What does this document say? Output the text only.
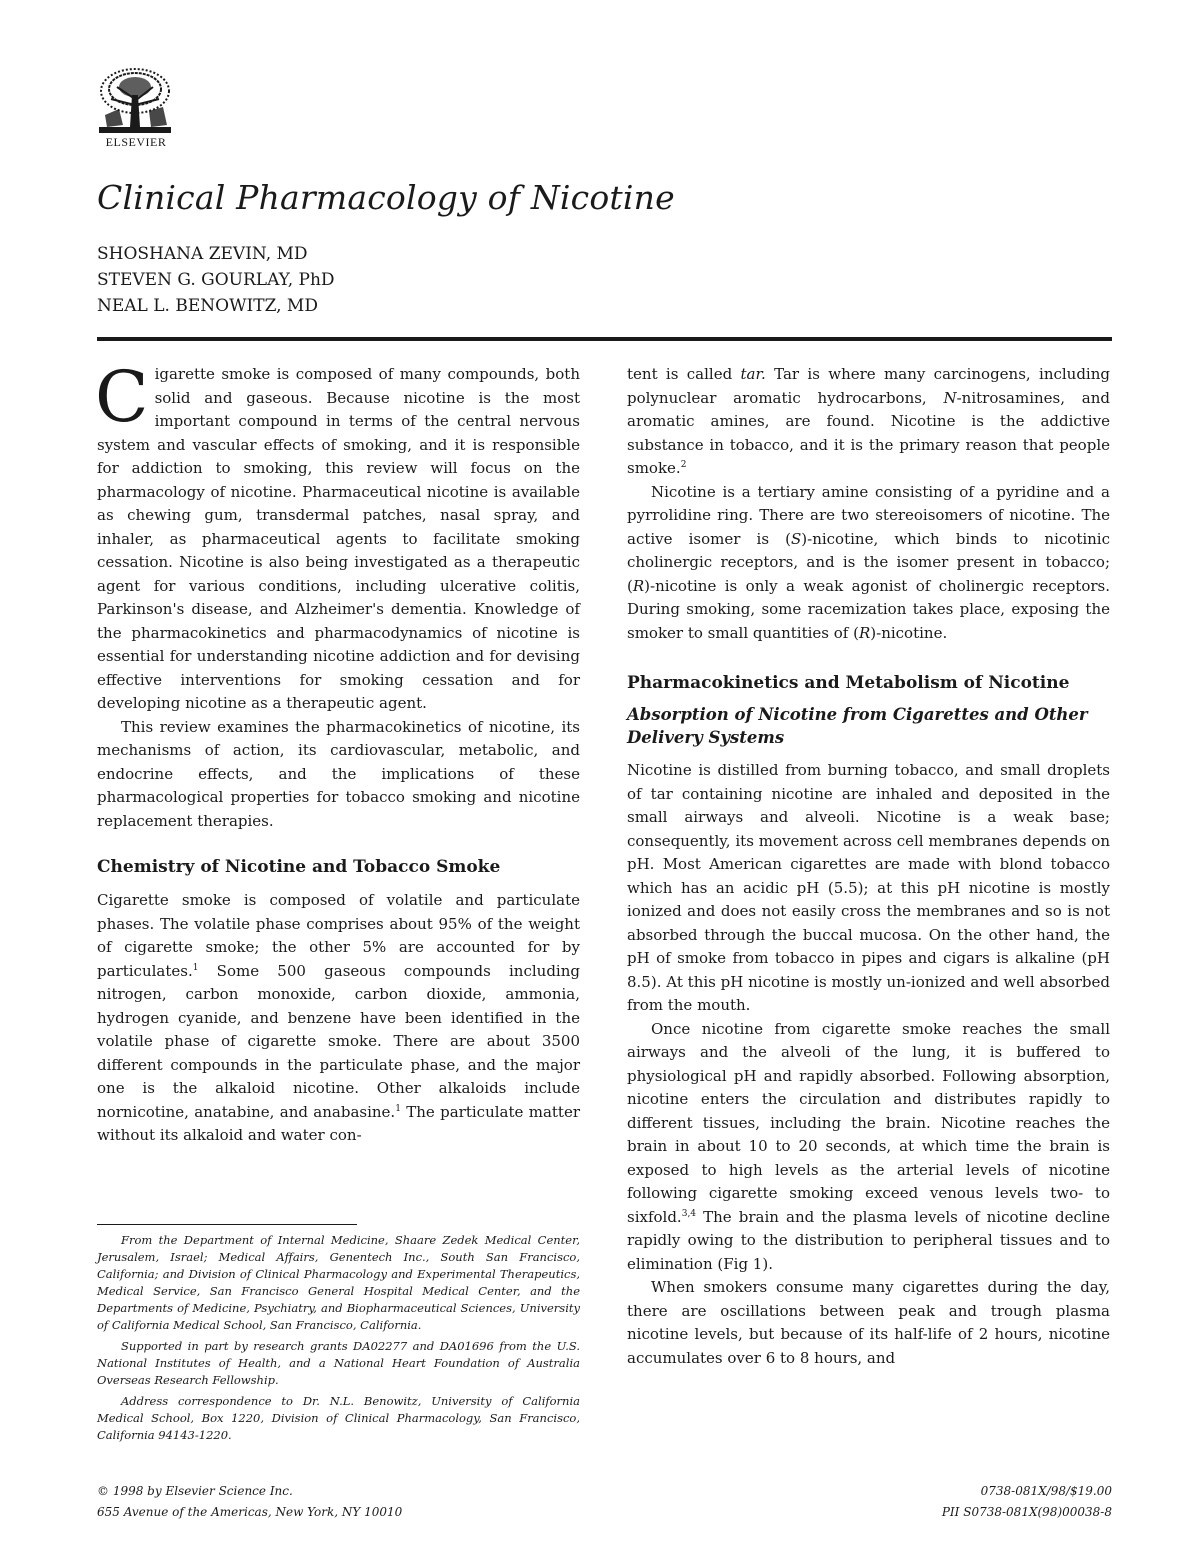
ELSEVIER
Clinical Pharmacology of Nicotine
SHOSHANA ZEVIN, MD
STEVEN G. GOURLAY, PhD
NEAL L. BENOWITZ, MD

Cigarette smoke is composed of many compounds, both solid and gaseous. Because nicotine is the most important compound in terms of the central nervous system and vascular effects of smoking, and it is responsible for addiction to smoking, this review will focus on the pharmacology of nicotine. Pharmaceutical nicotine is available as chewing gum, transdermal patches, nasal spray, and inhaler, as pharmaceutical agents to facilitate smoking cessation. Nicotine is also being investigated as a therapeutic agent for various conditions, including ulcerative colitis, Parkinson's disease, and Alzheimer's dementia. Knowledge of the pharmacokinetics and pharmacodynamics of nicotine is essential for understanding nicotine addiction and for devising effective interventions for smoking cessation and for developing nicotine as a therapeutic agent.

This review examines the pharmacokinetics of nicotine, its mechanisms of action, its cardiovascular, metabolic, and endocrine effects, and the implications of these pharmacological properties for tobacco smoking and nicotine replacement therapies.

Chemistry of Nicotine and Tobacco Smoke

Cigarette smoke is composed of volatile and particulate phases. The volatile phase comprises about 95% of the weight of cigarette smoke; the other 5% are accounted for by particulates.$^1$ Some 500 gaseous compounds including nitrogen, carbon monoxide, carbon dioxide, ammonia, hydrogen cyanide, and benzene have been identified in the volatile phase of cigarette smoke. There are about 3500 different compounds in the particulate phase, and the major one is the alkaloid nicotine. Other alkaloids include nornicotine, anatabine, and anabasine.$^1$ The particulate matter without its alkaloid and water con-

tent is called tar. Tar is where many carcinogens, including polynuclear aromatic hydrocarbons, N-nitrosamines, and aromatic amines, are found. Nicotine is the addictive substance in tobacco, and it is the primary reason that people smoke.$^2$

Nicotine is a tertiary amine consisting of a pyridine and a pyrrolidine ring. There are two stereoisomers of nicotine. The active isomer is (S)-nicotine, which binds to nicotinic cholinergic receptors, and is the isomer present in tobacco; (R)-nicotine is only a weak agonist of cholinergic receptors. During smoking, some racemization takes place, exposing the smoker to small quantities of (R)-nicotine.

Pharmacokinetics and Metabolism of Nicotine
Absorption of Nicotine from Cigarettes and Other Delivery Systems

Nicotine is distilled from burning tobacco, and small droplets of tar containing nicotine are inhaled and deposited in the small airways and alveoli. Nicotine is a weak base; consequently, its movement across cell membranes depends on pH. Most American cigarettes are made with blond tobacco which has an acidic pH (5.5); at this pH nicotine is mostly ionized and does not easily cross the membranes and so is not absorbed through the buccal mucosa. On the other hand, the pH of smoke from tobacco in pipes and cigars is alkaline (pH 8.5). At this pH nicotine is mostly un-ionized and well absorbed from the mouth.

Once nicotine from cigarette smoke reaches the small airways and the alveoli of the lung, it is buffered to physiological pH and rapidly absorbed. Following absorption, nicotine enters the circulation and distributes rapidly to different tissues, including the brain. Nicotine reaches the brain in about 10 to 20 seconds, at which time the brain is exposed to high levels as the arterial levels of nicotine following cigarette smoking exceed venous levels two- to sixfold.$^{3,4}$ The brain and the plasma levels of nicotine decline rapidly owing to the distribution to peripheral tissues and to elimination (Fig 1).

When smokers consume many cigarettes during the day, there are oscillations between peak and trough plasma nicotine levels, but because of its half-life of 2 hours, nicotine accumulates over 6 to 8 hours, and

From the Department of Internal Medicine, Shaare Zedek Medical Center, Jerusalem, Israel; Medical Affairs, Genentech Inc., South San Francisco, California; and Division of Clinical Pharmacology and Experimental Therapeutics, Medical Service, San Francisco General Hospital Medical Center, and the Departments of Medicine, Psychiatry, and Biopharmaceutical Sciences, University of California Medical School, San Francisco, California.

Supported in part by research grants DA02277 and DA01696 from the U.S. National Institutes of Health, and a National Heart Foundation of Australia Overseas Research Fellowship.

Address correspondence to Dr. N.L. Benowitz, University of California Medical School, Box 1220, Division of Clinical Pharmacology, San Francisco, California 94143-1220.

© 1998 by Elsevier Science Inc.
655 Avenue of the Americas, New York, NY 10010
0738-081X/98/$19.00
PII S0738-081X(98)00038-8
